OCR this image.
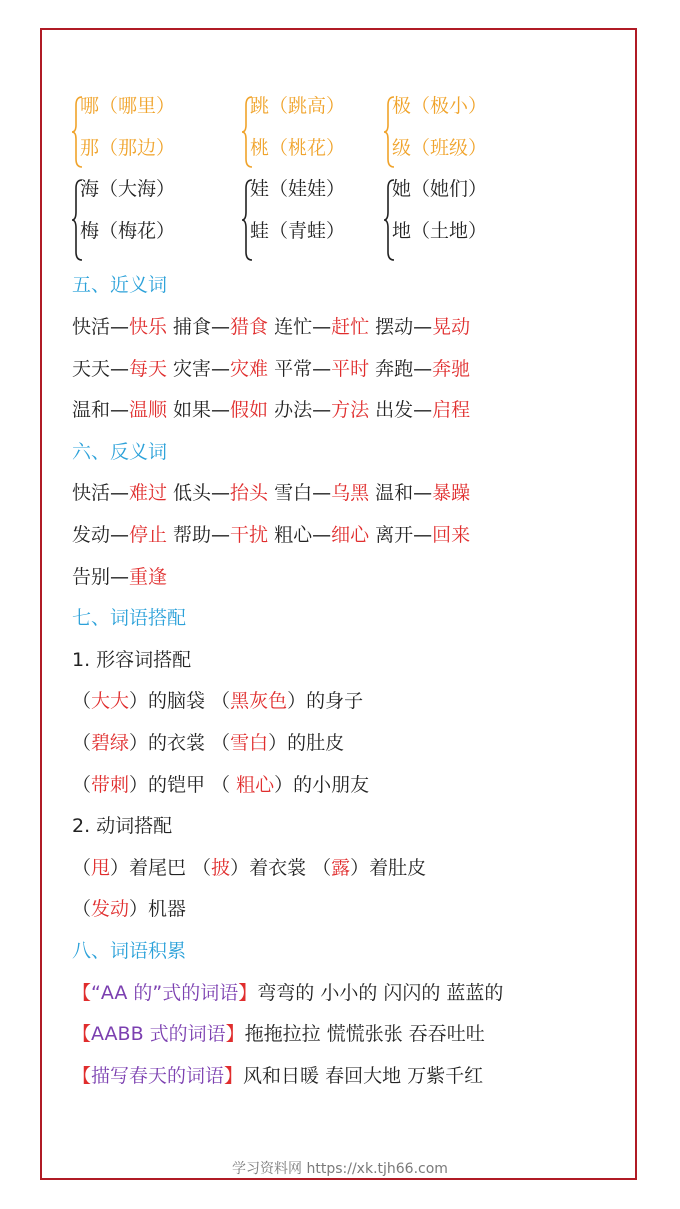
哪（哪里）
那（那边）
海（大海）
梅（梅花）
跳（跳高）
桃（桃花）
娃（娃娃）
蛙（青蛙）
极（极小）
级（班级）
她（她们）
地（土地）
五、近义词
快活—快乐 捕食—猎食 连忙—赶忙 摆动—晃动
天天—每天 灾害—灾难 平常—平时 奔跑—奔驰
温和—温顺 如果—假如 办法—方法 出发—启程
六、反义词
快活—难过 低头—抬头 雪白—乌黑 温和—暴躁
发动—停止 帮助—干扰 粗心—细心 离开—回来
告别—重逢
七、词语搭配
1. 形容词搭配
（大大）的脑袋 （黑灰色）的身子
（碧绿）的衣裳 （雪白）的肚皮
（带刺）的铠甲 （ 粗心）的小朋友
2. 动词搭配
（甩）着尾巴 （披）着衣裳 （露）着肚皮
（发动）机器
八、词语积累
【“AA 的”式的词语】弯弯的 小小的 闪闪的 蓝蓝的
【AABB 式的词语】拖拖拉拉 慌慌张张 吞吞吐吐
【描写春天的词语】风和日暖 春回大地 万紫千红
学习资料网 https://xk.tjh66.com
